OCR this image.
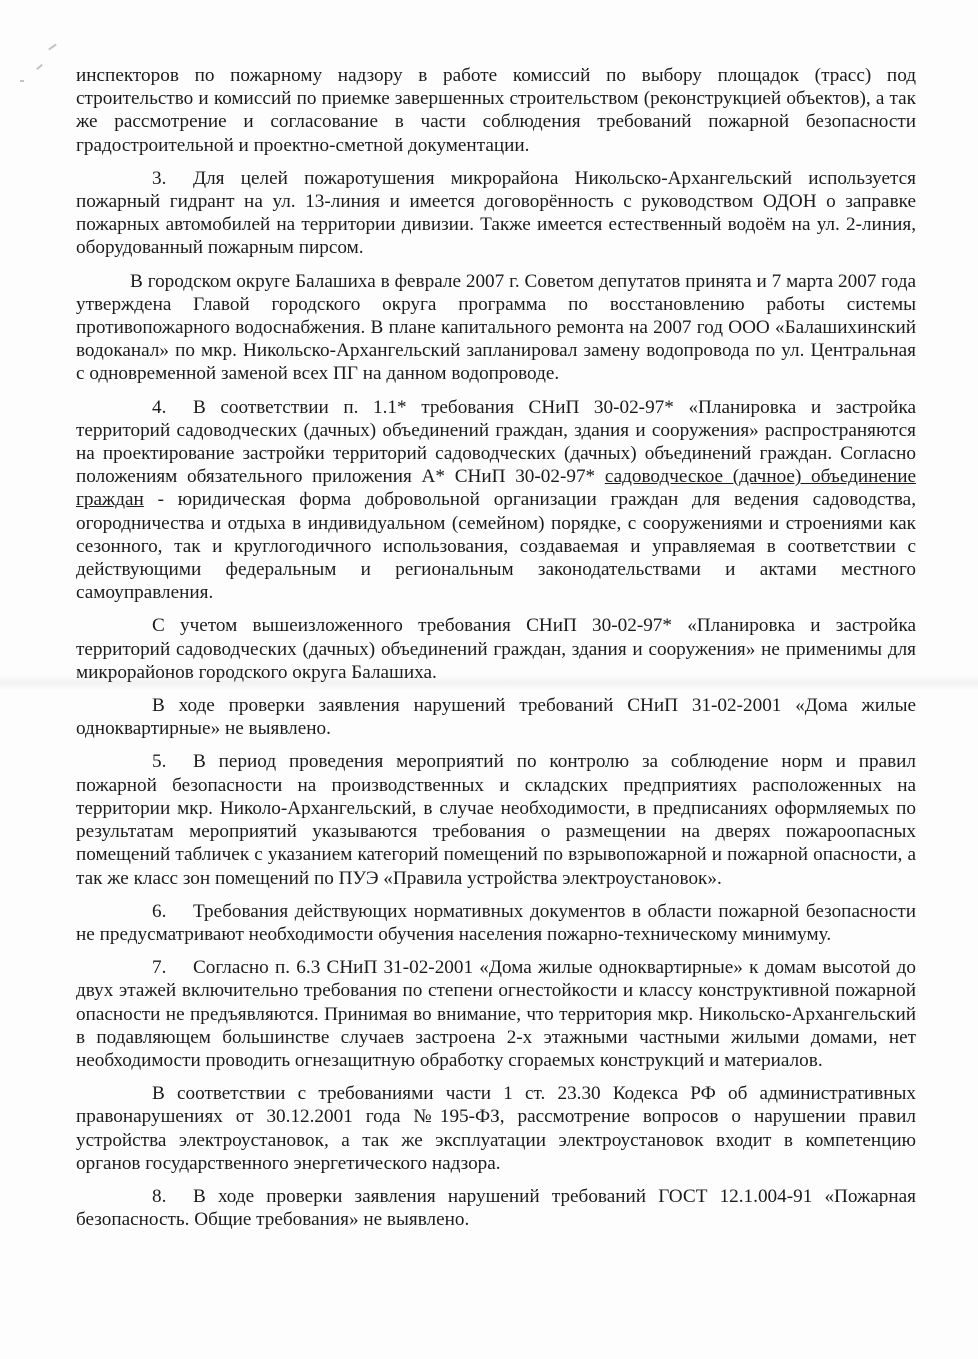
инспекторов по пожарному надзору в работе комиссий по выбору площадок (трасс) под строительство и комиссий по приемке завершенных строительством (реконструкцией объектов), а так же рассмотрение и согласование в части соблюдения требований пожарной безопасности градостроительной и проектно-сметной документации.

3. Для целей пожаротушения микрорайона Никольско-Архангельский используется пожарный гидрант на ул. 13-линия и имеется договорённость с руководством ОДОН о заправке пожарных автомобилей на территории дивизии. Также имеется естественный водоём на ул. 2-линия, оборудованный пожарным пирсом.

В городском округе Балашиха в феврале 2007 г. Советом депутатов принята и 7 марта 2007 года утверждена Главой городского округа программа по восстановлению работы системы противопожарного водоснабжения. В плане капитального ремонта на 2007 год ООО «Балашихинский водоканал» по мкр. Никольско-Архангельский запланировал замену водопровода по ул. Центральная с одновременной заменой всех ПГ на данном водопроводе.

4. В соответствии п. 1.1* требования СНиП 30-02-97* «Планировка и застройка территорий садоводческих (дачных) объединений граждан, здания и сооружения» распространяются на проектирование застройки территорий садоводческих (дачных) объединений граждан. Согласно положениям обязательного приложения А* СНиП 30-02-97* садоводческое (дачное) объединение граждан - юридическая форма добровольной организации граждан для ведения садоводства, огородничества и отдыха в индивидуальном (семейном) порядке, с сооружениями и строениями как сезонного, так и круглогодичного использования, создаваемая и управляемая в соответствии с действующими федеральным и региональным законодательствами и актами местного самоуправления.

С учетом вышеизложенного требования СНиП 30-02-97* «Планировка и застройка территорий садоводческих (дачных) объединений граждан, здания и сооружения» не применимы для микрорайонов городского округа Балашиха.

В ходе проверки заявления нарушений требований СНиП 31-02-2001 «Дома жилые одноквартирные» не выявлено.

5. В период проведения мероприятий по контролю за соблюдение норм и правил пожарной безопасности на производственных и складских предприятиях расположенных на территории мкр. Николо-Архангельский, в случае необходимости, в предписаниях оформляемых по результатам мероприятий указываются требования о размещении на дверях пожароопасных помещений табличек с указанием категорий помещений по взрывопожарной и пожарной опасности, а так же класс зон помещений по ПУЭ «Правила устройства электроустановок».

6. Требования действующих нормативных документов в области пожарной безопасности не предусматривают необходимости обучения населения пожарно-техническому минимуму.

7. Согласно п. 6.3 СНиП 31-02-2001 «Дома жилые одноквартирные» к домам высотой до двух этажей включительно требования по степени огнестойкости и классу конструктивной пожарной опасности не предъявляются. Принимая во внимание, что территория мкр. Никольско-Архангельский в подавляющем большинстве случаев застроена 2-х этажными частными жилыми домами, нет необходимости проводить огнезащитную обработку сгораемых конструкций и материалов.

В соответствии с требованиями части 1 ст. 23.30 Кодекса РФ об административных правонарушениях от 30.12.2001 года №195-ФЗ, рассмотрение вопросов о нарушении правил устройства электроустановок, а так же эксплуатации электроустановок входит в компетенцию органов государственного энергетического надзора.

8. В ходе проверки заявления нарушений требований ГОСТ 12.1.004-91 «Пожарная безопасность. Общие требования» не выявлено.
